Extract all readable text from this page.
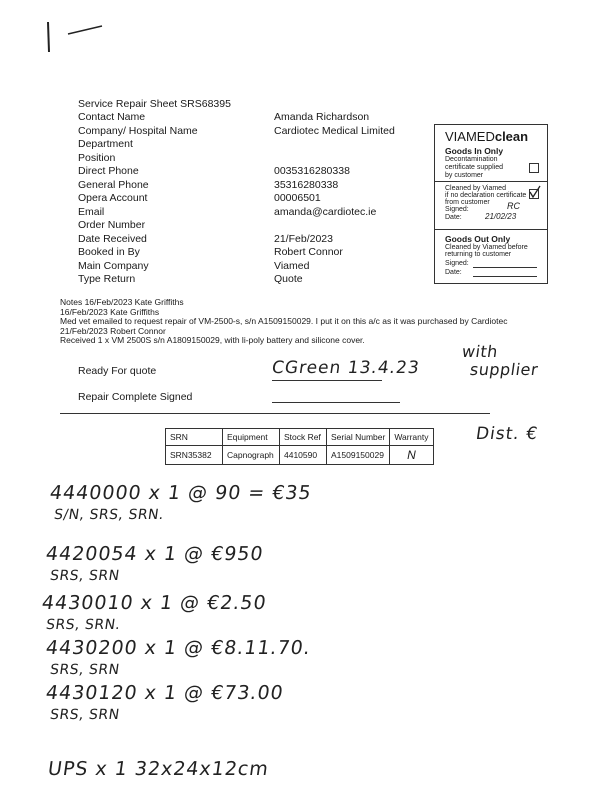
Service Repair Sheet SRS68395
Contact Name	Amanda Richardson
Company/ Hospital Name	Cardiotec Medical Limited
Department
Position
Direct Phone	0035316280338
General Phone	35316280338
Opera Account	00006501
Email	amanda@cardiotec.ie
Order Number
Date Received	21/Feb/2023
Booked in By	Robert Connor
Main Company	Viamed
Type Return	Quote
VIAMEDclean
Goods In Only
Decontamination
certificate supplied
by customer
Cleaned by Viamed
if no declaration certificate
from customer
Signed:	RC
Date:	21/02/23
Goods Out Only
Cleaned by Viamed before
returning to customer
Signed:
Date:
Notes 16/Feb/2023 Kate Griffiths
16/Feb/2023 Kate Griffiths
Med vet emailed to request repair of VM-2500-s, s/n A1509150029. I put it on this a/c as it was purchased by Cardiotec
21/Feb/2023 Robert Connor
Received 1 x VM 2500S s/n A1809150029, with li-poly battery and silicone cover.
Ready For quote	CGreen 13.4.23
with
supplier
Repair Complete Signed
Dist. €
SRN	Equipment	Stock Ref	Serial Number	Warranty
SRN35382	Capnograph	4410590	A1509150029	N
4440000 x 1 @ 90 = €35
S/N, SRS, SRN.
4420054 x 1 @ €950
SRS, SRN
4430010 x 1 @ €2.50
SRS, SRN.
4430200 x 1 @ €8.11.70.
SRS, SRN
4430120 x 1 @ €73.00
SRS, SRN
UPS x 1 32x24x12cm
